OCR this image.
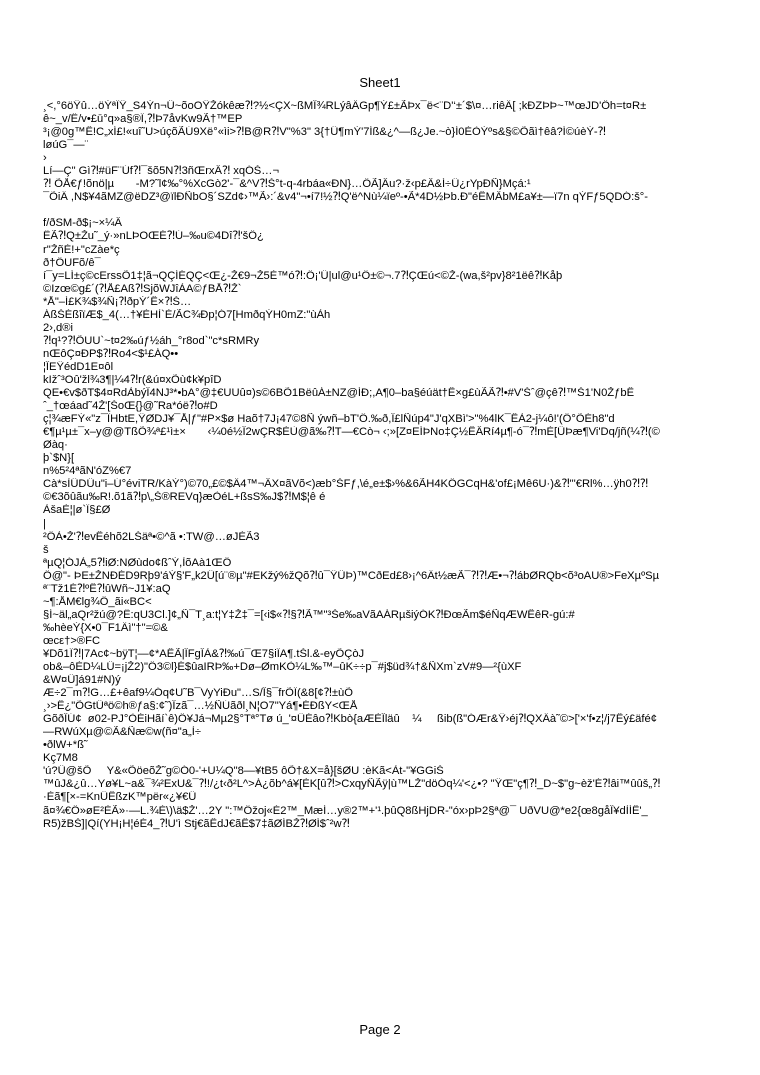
Sheet1
¸<,°6öŸû…öÝªÏŸ_S4Ýn¬Ü~õoOŸŽókêæ⁈?½<ÇX~ßMÎ¾RLýâÄGp¶Ý£±ÃÞx¯ë<¨D'‘±´$\¤…riêÄ[ ;kÐZÞÞ~™œJD'Öh=t¤R±
ê~_v/Ë/v•£ū°q»a§®Ï,⁈Þ7åvKw9Ã†™EP
³¡@0g™Ê!C„xÍ£!«uî˜U>úçõÃÚ9Xë°«ìi>⁈B@R⁈V"%3" 3{†Û¶mÝ'7Íß&¿^—ß¿Je.~ò}Í0ÈÒÝºs&§©Õãì†êâ?Í©úèÝ-⁈
løúG¯—¨
›
Lí—Ç" Gì⁈#üF¨Úf⁈¯šõ5N⁈3ñŒrxÂ⁈ xqÓŠ…¬
⁈ ÕÅ€ƒ!õnö|µ       -M?˜l¢‰°%XcGò2'-¯&^V⁈Š°t-q-4rbáa«ÐN}…ÖÃ]Âu?·ž‹p£Â&Í÷Ü¿rYpÐÑ}Mçá:¹
¯ÕiÄ ,N$¥4ãMZ@ëDZ³@ïlÐÑbO§´SZd¢›™Ã›:´&v4"¬•í7!½⁈Q'ë^Nù¼ïeº-•Ã*4D½Þb.Ð"éÊMÂbM£a¥±—ï7n qÝFƒ5QDÓ:š°-
f/ðSM-ð$¡~×¼Â
ËÃ⁈Q±Žu˜_ý·»nLÞOŒÉ⁈Ú–‰u©4Dî⁈'šÖ¿
r"ŽñÈ!+"cZàe*ç
ð†ÖUFõ/ê¯
í¯y=LÍ±ç©cErssÕ1‡¦ã¬QÇÍÉQÇ<Œ¿-Ž€9¬Ž5È™ó⁈:Ö¡'Ü|ul@u¹Ô±©¬.7⁈ÇŒú<©Ž-(wa,š²pv}8²1ëê⁈Kåþ
©Izœ©g£´(⁈Å£Aß⁈SjõWJîÀA©ƒBÅ⁈Ž`
*Å"–Í£K¾$¾Ñ¡⁈ðpÝ´Ê×⁈Š…
ÁßŠÉßîïÆ$_4(…†¥ÈHÌ`È/ÃC¾Ðp¦Ó7[HmðqÝH0mZ:"ùÀh
2›,d®i
⁈q¹?⁈ÕUU`~t¤2‰úƒ½áh_°r8od`"c*sRMRy
nŒôÇ¤ÐP$⁈Ro4<$¹£ÁQ••
¦ÎEŸédD1E¤ôl
kIžˆ³Oû'žl¾3¶|¼4⁈r(&ú¤xÕù¢k¥pîD
QE•€v$ðT$4¤RdÀbýÎ4NJ³*•bA°@‡€UUû¤)s©6BÕ1BëûÁ±NZ@ÍÐ;,A¶0–ba§éúät†Ê×g£ùÃÃ⁈•#V'Šˆ@çê⁈™Š1'N0ŽƒbÊ
ˆ_†œáad˜4Ž'[ŠoŒ{}@˜Ra*óë⁈o#D
ç¦¾æFÝ«"z¯ÏHbtE,ŸØDJ¥¯Å|ƒ"#P×$ø Haõ†7J¡47©8Ñ ýwñ–bT'Ô.‰ð,Î£lÑúp4"J'qXBì'>"%4lK¯ÊÀ2-j¼ô!'(Ö°ÕÉh8"d
€¶µ¹µ±¯x–y@@TßÕ¾ª£¹ì±×       ‹¼0é½Î2wÇR$ÈÙ@ã‰⁈T—€Cò¬ ‹;»[Z¤EÍÞNo‡Ç½ÊÂRí4µ¶-ó¯⁈mÈ[ÜÞæ¶Vi'Dq/jñ(¼⁈(©
Øàq·
þ`$N}[
n%5²4ªãN'óZ%€7
Cà*sÌÛDÜu"i–Ú°éviTR/KàÝ°)©70„£©$Ä4™¬ÂX¤ãVõ<)æb°ŠFƒ,\é„e±$›%&6ÃH4KÖGCqH&'of£¡Mê6U·)&⁈"'€Rl%…ÿh0⁈⁈
©€3õûãu‰R!.õ1ã⁈p\„Š®REVq}æÒéL+ßsS‰J$⁈M$¦ê é
ÀšaÈ¦|ø`Ï§£Ø
|
²ÖÀ•Ž'⁈evÊéhõ2LŠäª•©^ã •:TW@…øJÈÃ3
š
ªµQ¦ÓJÀ„5⁈iØ:NØùdo¢ßˆÝ,ÌõAà1ŒÖ
Ö@"- ÞE±ŽNÐÉD9Rþ9'áÝ§'F„k2Ü[ú¨®µ"#EKžý%žQõ⁈û¯ŸÜÞ)™CðEd£8›¡^6Ät½æÃ¯⁈⁈Æ•¬⁈ábØRQb<õ³oAU®>FeXµºSµ
ª¨Tž1É⁈ºÊ⁈ûWñ~J1¥:aQ
~¶:ÅM€lg¾Ö_ãi«BC<
§Í~äl„aQr²žú@?Ë:qU3Cl.]¢„Ñ¯T¸a:t¦Y‡Ž‡¯=[‹i$«⁈§⁈Ã™"³Še‰aVãAÁRµšiýÓK⁈ÐœÃm$éÑqÆWÊêR-gú:#
‰hèeÝ{X•0¯F1Äì"†"=©&
œcε†>®FC
¥Dõ1Ï⁈|7Ac¢~bÿT¦—¢*AÊÃ|ÎFgÎÀ&⁈‰ú¯Œ7§iÏA¶.tŠl.&-eyÕÇòJ
ob&–ôÈD¼LÜ=¡jŽ2)"Ö3©l}É$ûaIRÞ‰+Dø–ØmKÒ¼L‰™–ûK÷÷p¯#j$üd¾†&ÑXm`zV#9—²{ùXF
&W¤Ü]á91#N)ý
Æ÷2¯m⁈G…£+êaf9¼Óq¢U˜B¯VyYiÐu"…S/Î§¯frÕÏ(&8[¢⁈±ùÕ
¸›>Ê¿"ÕGtÜªö©h®ƒa§:¢˜)Îzã¯…½ÑÚãðl¸N¦O7"Yá¶•ÉÐßY<ŒÅ
GõðÎÚ¢  ø02-PJ°ÒÉiHãí`ê)Ö¥Já¬Mµ2§°Tª°Tø ú_'¤ÜÉâo⁈Kbò{aÆÈÎläû    ¼     ßib(ß"ÓÆr&Ÿ›éj⁈QXÄà˜©>['×'f•z¦/j7Êý£äfé¢
—RWúXµ@©Ã&Ñæ©w(ñ¤"a„Ì÷
•ðlW+*ß˜
Kç7M8
'ú?Ü@šÕ     Y&«ÕöeõŽ˜g©Ó0-'+U¼Q"8—¥tB5 ôÕ†&X=å}[šØU :èKã<Àt-"¥GGiŠ
™ûJ&¿û…Yø¥L~a&¯¾²ExU&¯⁈!/¿t‹ð²L^>Á¿õb^á¥[ÈK[û⁈>CxqyÑÃÿ|ù™LŽ"döÓq¼'<¿•? "ŸŒ"ç¶⁈_D~$"g~èž'É⁈âi™ûûš„⁈
·Èã¶[×-=KnÜÊßzK™për«¿¥€Ü
ã¤¾€Ö»øE²ÈÃ»·—L.¾È\)\ä$Ž'…2Y ":™Ôžoj«É2™_MæÍ…y®2™+'¹.þûQ8ßHjDR-"óx›pÞ2§ª@¯ UðVU@*e2{œ8gåÎ¥dÌÍÊ'_
R5)žBŠ]|Qí(YH¡H¦éÉ4_⁈U'ì Stj€ãÊdJ€ãÊ$7‡ãØÍBŽ⁈ØÍ$ˆ²w⁈
Page 2
